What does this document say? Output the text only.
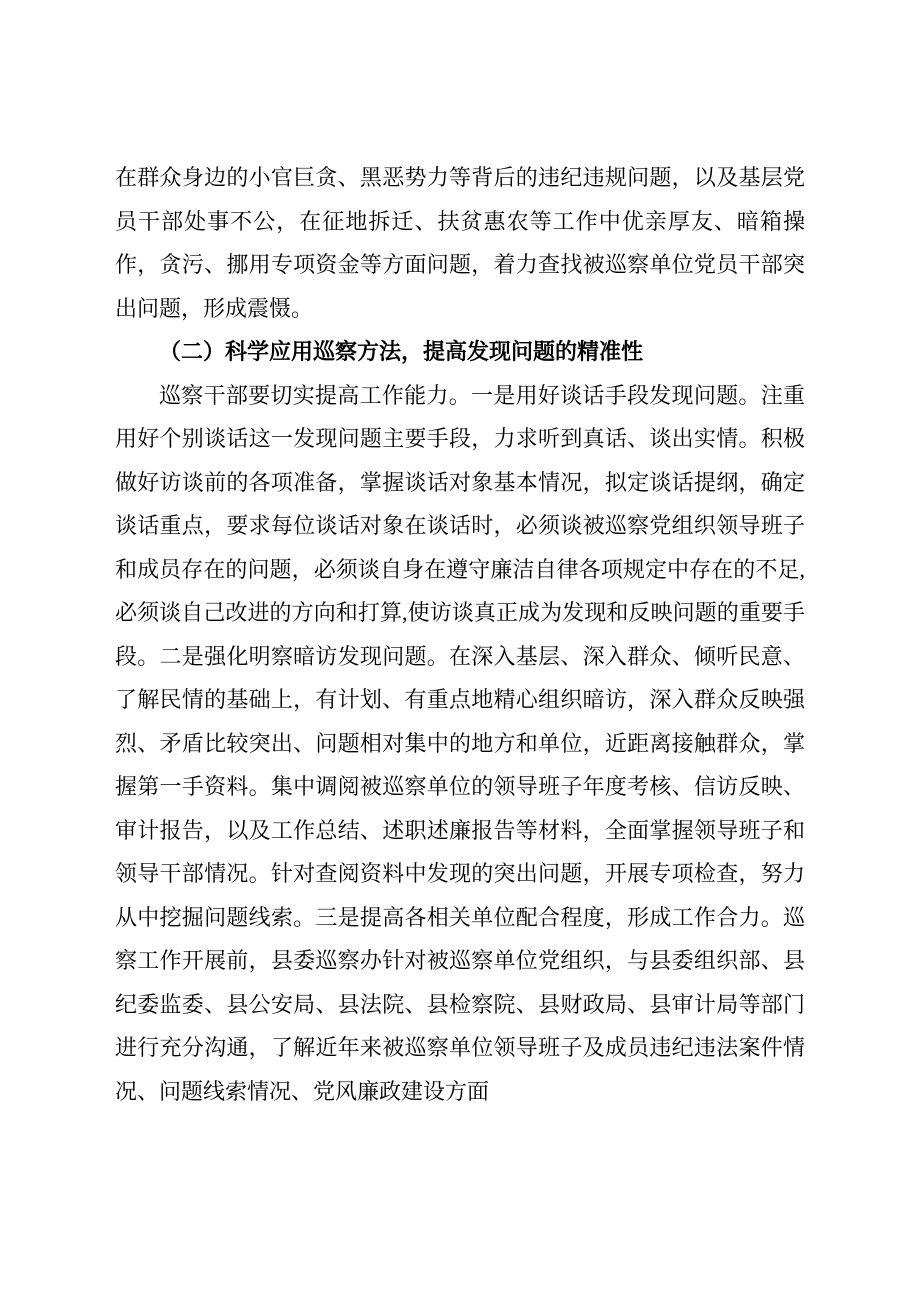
在群众身边的小官巨贪、黑恶势力等背后的违纪违规问题，以及基层党员干部处事不公，在征地拆迁、扶贫惠农等工作中优亲厚友、暗箱操作，贪污、挪用专项资金等方面问题，着力查找被巡察单位党员干部突出问题，形成震慑。

（二）科学应用巡察方法，提高发现问题的精准性

巡察干部要切实提高工作能力。一是用好谈话手段发现问题。注重用好个别谈话这一发现问题主要手段，力求听到真话、谈出实情。积极做好访谈前的各项准备，掌握谈话对象基本情况，拟定谈话提纲，确定谈话重点，要求每位谈话对象在谈话时，必须谈被巡察党组织领导班子和成员存在的问题，必须谈自身在遵守廉洁自律各项规定中存在的不足,必须谈自己改进的方向和打算,使访谈真正成为发现和反映问题的重要手段。二是强化明察暗访发现问题。在深入基层、深入群众、倾听民意、了解民情的基础上，有计划、有重点地精心组织暗访，深入群众反映强烈、矛盾比较突出、问题相对集中的地方和单位，近距离接触群众，掌握第一手资料。集中调阅被巡察单位的领导班子年度考核、信访反映、审计报告，以及工作总结、述职述廉报告等材料，全面掌握领导班子和领导干部情况。针对查阅资料中发现的突出问题，开展专项检查，努力从中挖掘问题线索。三是提高各相关单位配合程度，形成工作合力。巡察工作开展前，县委巡察办针对被巡察单位党组织，与县委组织部、县纪委监委、县公安局、县法院、县检察院、县财政局、县审计局等部门进行充分沟通，了解近年来被巡察单位领导班子及成员违纪违法案件情况、问题线索情况、党风廉政建设方面
